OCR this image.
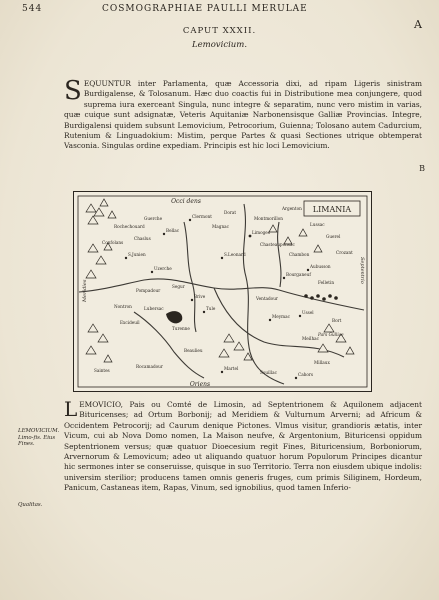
544	COSMOGRAPHIAE PAULLI MERULAE
A
CAPUT XXXII.
Lemovicium.
S EQUUNTUR inter Parlamenta, quæ Accessoria dixi, ad ripam Ligeris sinistram Burdigalense, & Tolosanum. Hæc duo coactis fui in Distributione mea conjungere, quod suprema iura exerceant Singula, nunc integre & separatim, nunc vero mistim in varias, quæ cuique sunt adsignatæ, Veteris Aquitaniæ Narbonensisque Galliæ Provincias. Integre, Burdigalensi quidem subsunt Lemovicium, Petrocorium, Guienna; Tolosano autem Cadurcium, Rutenium & Linguadokium: Mistim, perque Partes & quasi Sectiones utrique obtemperat Vasconia. Singulas ordine expediam. Principis est hic loci Lemovicium.
B
LIMANIA
Occi dens
Oriens
Meridies
Septentrio
Clermont
Chaslus
Limoges
S.Leonard	Chambon
Brive
Tule
Uzerche
Turenne
Beaulieu
Ventadour
Pompadour
Bourganeuf
Aubusson
Felletin
Guerel
Argenton
Rochechouard
Confolans
Dorat
Bellac
S.Junien
Nontron
Excideuil
Martel
Souillac	Cahors
Lubersac
Segur
Meymac
Ussel
Bort
Rocamadour
Meilhac
Magnac
Montmorillon
Lussac
Crozant
Chasteauponsac
Saintes
Millaux
Guerche
Pars Gulliae
LEMOVICIUM. Limo-fis. Eius Fines.
Qualitas.
L EMOVICIO, Pais ou Comté de Limosin, ad Septentrionem & Aquilonem adjacent Bituricenses; ad Ortum Borbonij; ad Meridiem & Vulturnum Arverni; ad Africum & Occidentem Petrocorij; ad Caurum denique Pictones. Vlmus visitur, grandioris ætatis, inter Vicum, cui ab Nova Domo nomen, La Maison neufve, & Argentonium, Bituricensi oppidum Septentrionem versus; quæ quatuor Dioecesium regit Fines, Bituricensium, Borboniorum, Arvernorum & Lemovicum; adeo ut aliquando quatuor horum Populorum Principes dicantur hic sermones inter se conseruisse, quisque in suo Territorio. Terra non eiusdem ubique indolis: universim sterilior; producens tamen omnis generis fruges, cum primis Siliginem, Hordeum, Panicum, Castaneas item, Rapas, Vinum, sed ignobilius, quod tamen Inferio-
